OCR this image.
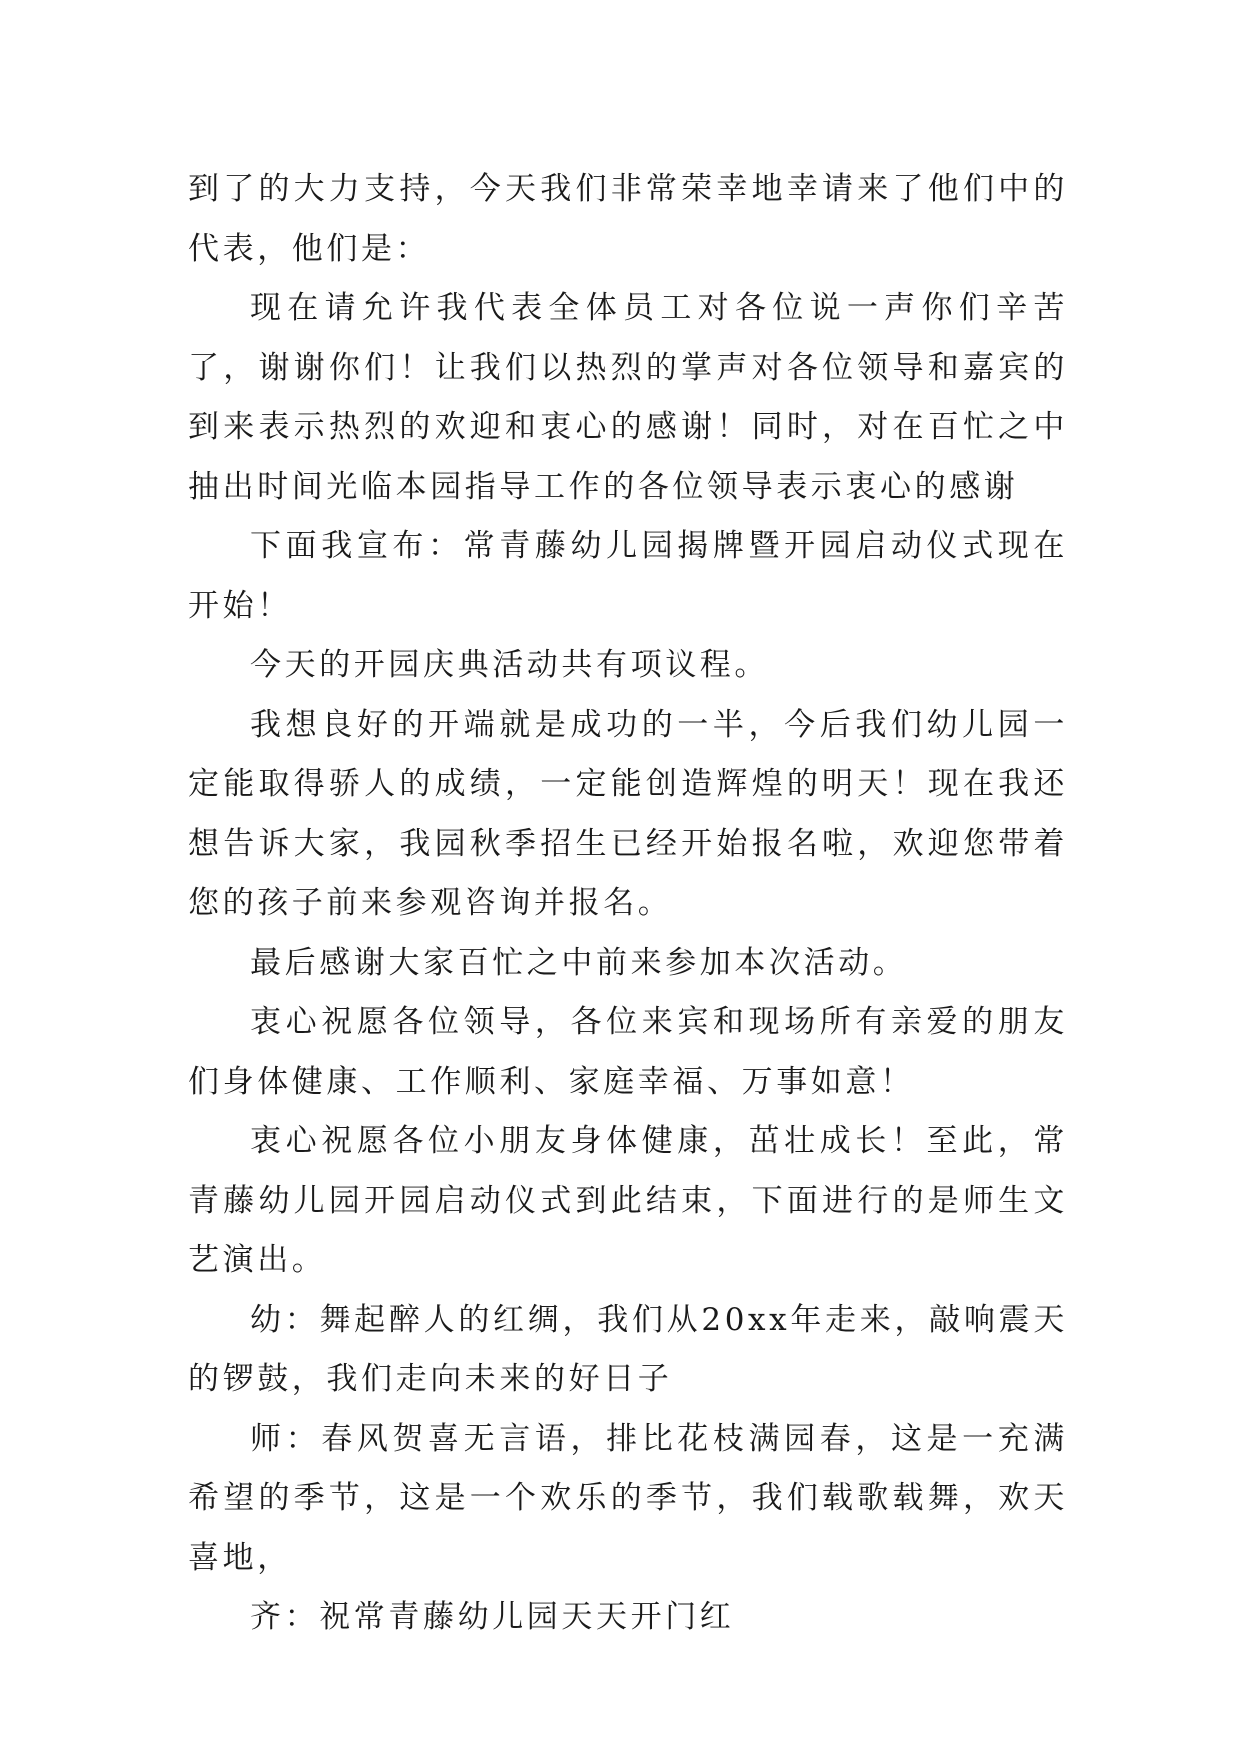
到了的大力支持，今天我们非常荣幸地幸请来了他们中的代表，他们是：

现在请允许我代表全体员工对各位说一声你们辛苦了，谢谢你们！让我们以热烈的掌声对各位领导和嘉宾的到来表示热烈的欢迎和衷心的感谢！同时，对在百忙之中抽出时间光临本园指导工作的各位领导表示衷心的感谢

下面我宣布：常青藤幼儿园揭牌暨开园启动仪式现在开始！

今天的开园庆典活动共有项议程。

我想良好的开端就是成功的一半，今后我们幼儿园一定能取得骄人的成绩，一定能创造辉煌的明天！现在我还想告诉大家，我园秋季招生已经开始报名啦，欢迎您带着您的孩子前来参观咨询并报名。

最后感谢大家百忙之中前来参加本次活动。

衷心祝愿各位领导，各位来宾和现场所有亲爱的朋友们身体健康、工作顺利、家庭幸福、万事如意！

衷心祝愿各位小朋友身体健康，茁壮成长！至此，常青藤幼儿园开园启动仪式到此结束，下面进行的是师生文艺演出。

幼：舞起醉人的红绸，我们从20xx年走来，敲响震天的锣鼓，我们走向未来的好日子

师：春风贺喜无言语，排比花枝满园春，这是一充满希望的季节，这是一个欢乐的季节，我们载歌载舞，欢天喜地，

齐：祝常青藤幼儿园天天开门红
